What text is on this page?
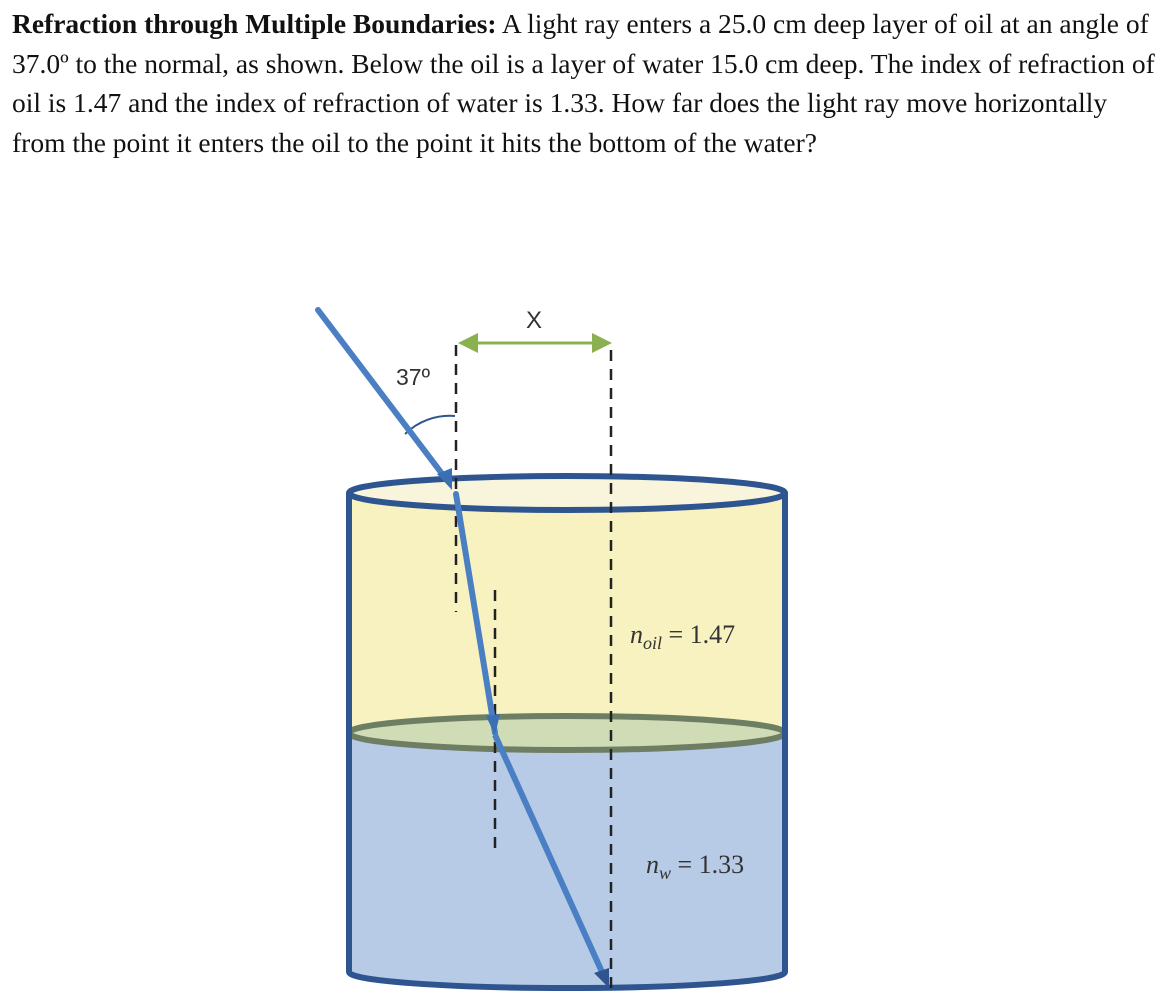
Refraction through Multiple Boundaries: A light ray enters a 25.0 cm deep layer of oil at an angle of 37.0º to the normal, as shown. Below the oil is a layer of water 15.0 cm deep. The index of refraction of oil is 1.47 and the index of refraction of water is 1.33. How far does the light ray move horizontally from the point it enters the oil to the point it hits the bottom of the water?

X
37º
$n_{oil} = 1.47$
$n_w = 1.33$
